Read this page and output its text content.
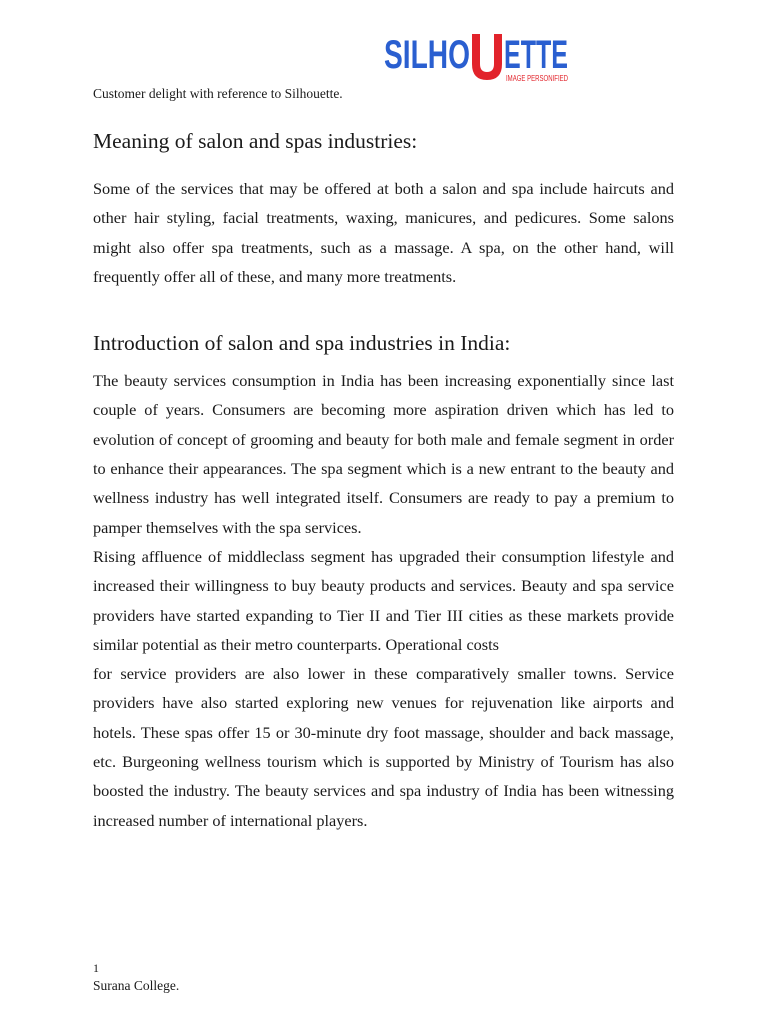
SILHO ETTE
IMAGE PERSONIFIED
Customer delight with reference to Silhouette.
Meaning of salon and spas industries:

Some of the services that may be offered at both a salon and spa include haircuts and other hair styling, facial treatments, waxing, manicures, and pedicures. Some salons might also offer spa treatments, such as a massage. A spa, on the other hand, will frequently offer all of these, and many more treatments.

Introduction of salon and spa industries in India:

The beauty services consumption in India has been increasing exponentially since last couple of years. Consumers are becoming more aspiration driven which has led to evolution of concept of grooming and beauty for both male and female segment in order to enhance their appearances. The spa segment which is a new entrant to the beauty and wellness industry has well integrated itself. Consumers are ready to pay a premium to pamper themselves with the spa services.

Rising affluence of middleclass segment has upgraded their consumption lifestyle and increased their willingness to buy beauty products and services. Beauty and spa service providers have started expanding to Tier II and Tier III cities as these markets provide similar potential as their metro counterparts. Operational costs

for service providers are also lower in these comparatively smaller towns. Service providers have also started exploring new venues for rejuvenation like airports and hotels. These spas offer 15 or 30-minute dry foot massage, shoulder and back massage, etc. Burgeoning wellness tourism which is supported by Ministry of Tourism has also boosted the industry. The beauty services and spa industry of India has been witnessing increased number of international players.

1
Surana College.
